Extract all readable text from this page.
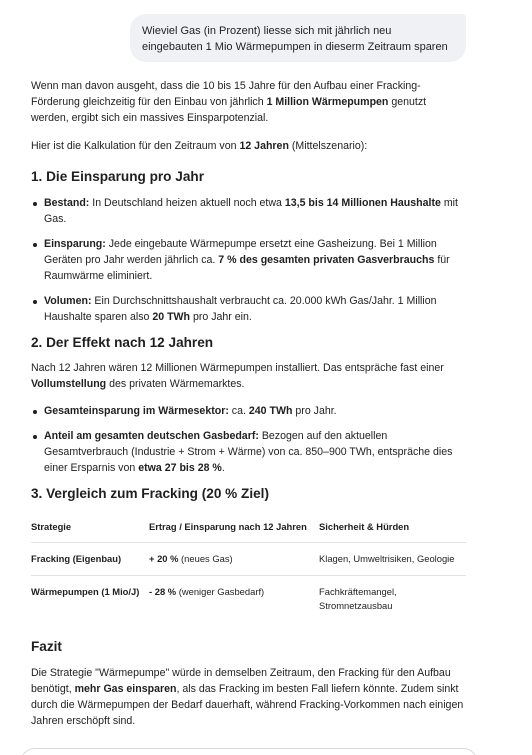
Wieviel Gas (in Prozent) liesse sich mit jährlich neu eingebauten 1 Mio Wärmepumpen in dieserm Zeitraum sparen

Wenn man davon ausgeht, dass die 10 bis 15 Jahre für den Aufbau einer Fracking-Förderung gleichzeitig für den Einbau von jährlich 1 Million Wärmepumpen genutzt werden, ergibt sich ein massives Einsparpotenzial.

Hier ist die Kalkulation für den Zeitraum von 12 Jahren (Mittelszenario):

1. Die Einsparung pro Jahr
Bestand: In Deutschland heizen aktuell noch etwa 13,5 bis 14 Millionen Haushalte mit Gas.
Einsparung: Jede eingebaute Wärmepumpe ersetzt eine Gasheizung. Bei 1 Million Geräten pro Jahr werden jährlich ca. 7 % des gesamten privaten Gasverbrauchs für Raumwärme eliminiert.
Volumen: Ein Durchschnittshaushalt verbraucht ca. 20.000 kWh Gas/Jahr. 1 Million Haushalte sparen also 20 TWh pro Jahr ein.
2. Der Effekt nach 12 Jahren

Nach 12 Jahren wären 12 Millionen Wärmepumpen installiert. Das entspräche fast einer Vollumstellung des privaten Wärmemarktes.

Gesamteinsparung im Wärmesektor: ca. 240 TWh pro Jahr.
Anteil am gesamten deutschen Gasbedarf: Bezogen auf den aktuellen Gesamtverbrauch (Industrie + Strom + Wärme) von ca. 850–900 TWh, entspräche dies einer Ersparnis von etwa 27 bis 28 %.
3. Vergleich zum Fracking (20 % Ziel)
Strategie	Ertrag / Einsparung nach 12 Jahren	Sicherheit & Hürden
Fracking (Eigenbau)	+ 20 % (neues Gas)	Klagen, Umweltrisiken, Geologie
Wärmepumpen (1 Mio/J)	- 28 % (weniger Gasbedarf)	Fachkräftemangel, Stromnetzausbau
Fazit

Die Strategie "Wärmepumpe" würde in demselben Zeitraum, den Fracking für den Aufbau benötigt, mehr Gas einsparen, als das Fracking im besten Fall liefern könnte. Zudem sinkt durch die Wärmepumpen der Bedarf dauerhaft, während Fracking-Vorkommen nach einigen Jahren erschöpft sind.
